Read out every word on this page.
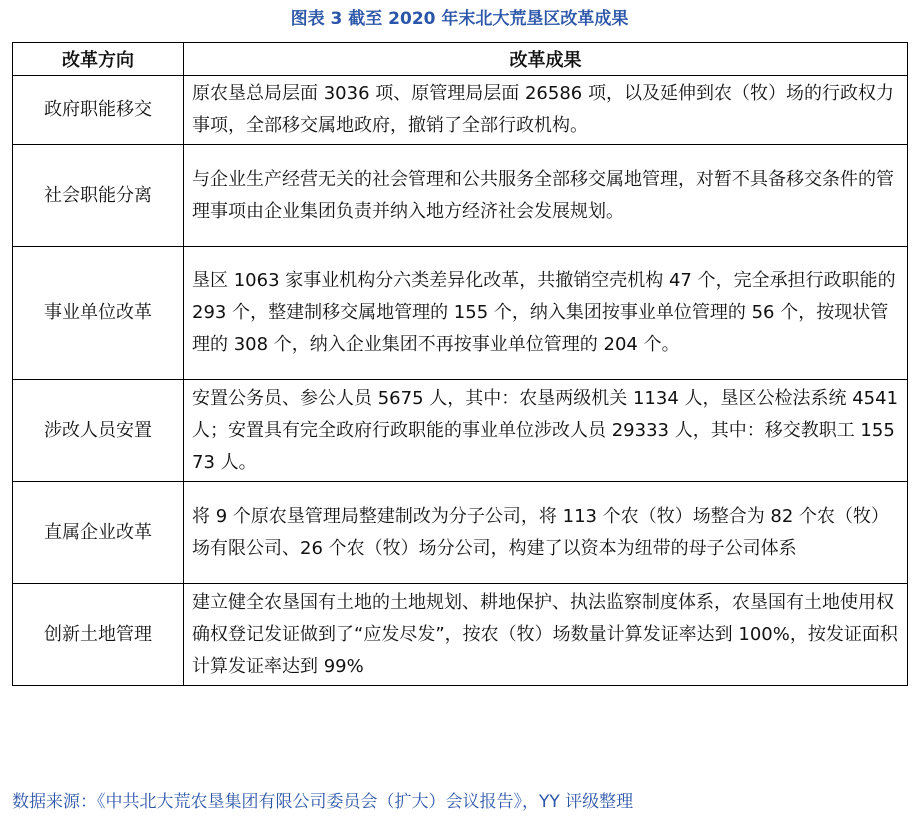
图表 3 截至 2020 年末北大荒垦区改革成果
改革方向	改革成果
政府职能移交	原农垦总局层面 3036 项、原管理局层面 26586 项，以及延伸到农（牧）场的行政权力事项，全部移交属地政府，撤销了全部行政机构。
社会职能分离	与企业生产经营无关的社会管理和公共服务全部移交属地管理，对暂不具备移交条件的管理事项由企业集团负责并纳入地方经济社会发展规划。
事业单位改革	垦区 1063 家事业机构分六类差异化改革，共撤销空壳机构 47 个，完全承担行政职能的 293 个，整建制移交属地管理的 155 个，纳入集团按事业单位管理的 56 个，按现状管理的 308 个，纳入企业集团不再按事业单位管理的 204 个。
涉改人员安置	安置公务员、参公人员 5675 人，其中：农垦两级机关 1134 人，垦区公检法系统 4541 人；安置具有完全政府行政职能的事业单位涉改人员 29333 人，其中：移交教职工 15573 人。
直属企业改革	将 9 个原农垦管理局整建制改为分子公司，将 113 个农（牧）场整合为 82 个农（牧）场有限公司、26 个农（牧）场分公司，构建了以资本为纽带的母子公司体系
创新土地管理	建立健全农垦国有土地的土地规划、耕地保护、执法监察制度体系，农垦国有土地使用权确权登记发证做到了“应发尽发”，按农（牧）场数量计算发证率达到 100%，按发证面积计算发证率达到 99%
数据来源：《中共北大荒农垦集团有限公司委员会（扩大）会议报告》，YY 评级整理
